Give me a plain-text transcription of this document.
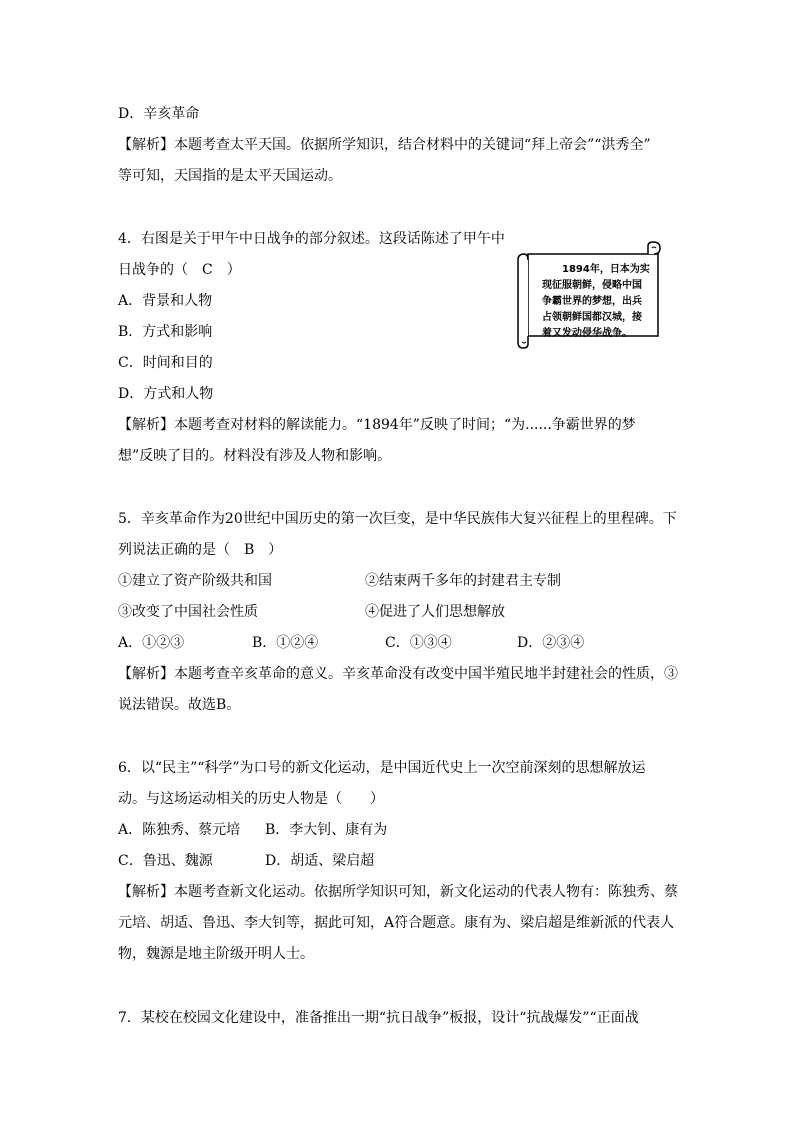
D．辛亥革命
【解析】本题考查太平天国。依据所学知识，结合材料中的关键词“拜上帝会”“洪秀全”
等可知，天国指的是太平天国运动。
4．右图是关于甲午中日战争的部分叙述。这段话陈述了甲午中
日战争的（　C　）
A．背景和人物
B．方式和影响
C．时间和目的
D．方式和人物
【解析】本题考查对材料的解读能力。“1894年”反映了时间；“为......争霸世界的梦
想”反映了目的。材料没有涉及人物和影响。
　　1894年，日本为实
现征服朝鲜，侵略中国
争霸世界的梦想，出兵
占领朝鲜国都汉城，接
着又发动侵华战争。
5．辛亥革命作为20世纪中国历史的第一次巨变，是中华民族伟大复兴征程上的里程碑。下
列说法正确的是（　B　）
①建立了资产阶级共和国	②结束两千多年的封建君主专制
③改变了中国社会性质	④促进了人们思想解放
A．①②③	B．①②④	C．①③④	D．②③④
【解析】本题考查辛亥革命的意义。辛亥革命没有改变中国半殖民地半封建社会的性质，③
说法错误。故选B。
6．以“民主”“科学”为口号的新文化运动，是中国近代史上一次空前深刻的思想解放运
动。与这场运动相关的历史人物是（　　）
A．陈独秀、蔡元培 B．李大钊、康有为
C．鲁迅、魏源	D．胡适、梁启超
【解析】本题考查新文化运动。依据所学知识可知，新文化运动的代表人物有：陈独秀、蔡
元培、胡适、鲁迅、李大钊等，据此可知，A符合题意。康有为、梁启超是维新派的代表人
物，魏源是地主阶级开明人士。
7．某校在校园文化建设中，准备推出一期“抗日战争”板报，设计“抗战爆发”“正面战
